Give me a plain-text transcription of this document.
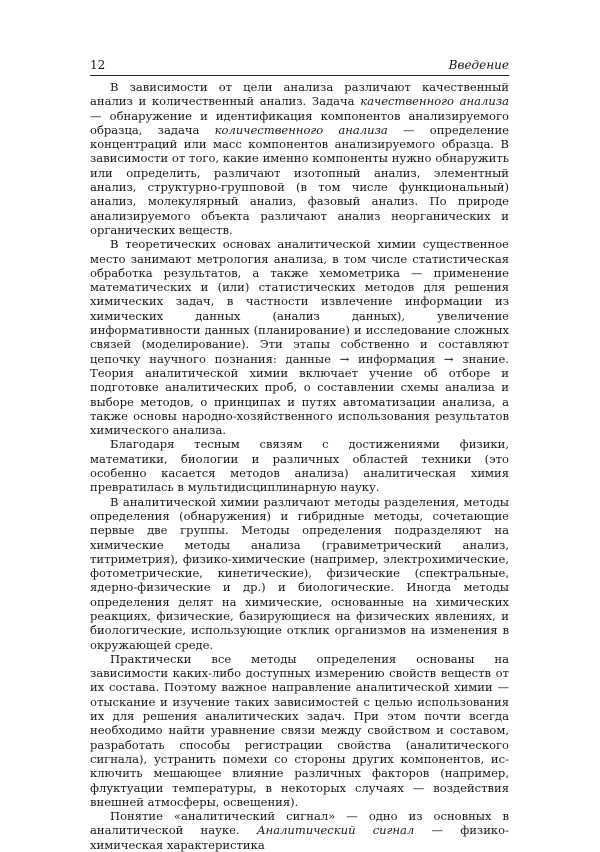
12	Введение

В зависимости от цели анализа различают качественный анализ и количественный анализ. Задача качественного анализа — обнаружение и идентификация компонентов анализируемого образца, задача количественного анализа — определение концентраций или масс компонентов анализируемого образца. В зависимости от того, какие именно компоненты нужно обнаружить или определить, различают изотопный анализ, элементный анализ, структурно-групповой (в том числе функциональный) анализ, молекулярный анализ, фазовый анализ. По природе анализируемого объекта различают анализ неорганических и органических веществ.

В теоретических основах аналитической химии существенное место занимают метрология анализа, в том числе статистическая обработка результатов, а также хемометрика — применение математических и (или) статистических методов для решения химических задач, в частности извлечение информации из химических данных (анализ данных), увеличение информативности данных (планирование) и исследование сложных связей (моделирование). Эти этапы собственно и составляют цепочку научного познания: данные → информация → знание. Теория аналитической химии включает учение об отборе и подготовке аналитических проб, о составлении схемы анализа и выборе методов, о принципах и путях автоматизации анализа, а также основы народно-хозяйственного использования результатов химического анализа.

Благодаря тесным связям с достижениями физики, математики, биологии и различных областей техники (это особенно касается методов анализа) аналитическая химия превратилась в мультидисциплинарную науку.

В аналитической химии различают методы разделения, методы определения (обнаружения) и гибридные методы, сочетающие первые две группы. Методы определения подразделяют на химические методы анализа (гравиметрический анализ, титриметрия), физико-химические (например, электрохимические, фотометрические, кинетические), физические (спектральные, ядерно-физические и др.) и биологические. Иногда методы определения делят на химические, основанные на химических реакциях, физические, базирующиеся на физических явлениях, и биологические, использующие отклик организмов на изменения в окружающей среде.

Практически все методы определения основаны на зависимости каких-либо доступных измерению свойств веществ от их состава. Поэтому важное направление аналитической химии — отыскание и изучение таких зависимостей с целью использования их для решения аналитических задач. При этом почти всегда необходимо найти уравнение связи между свойством и составом, разработать способы регистрации свойства (аналитического сигнала), устранить помехи со стороны других компонентов, исключить мешающее влияние различных факторов (например, флуктуации температуры, в некоторых случаях — воздействия внешней атмосферы, освещения).

Понятие «аналитический сигнал» — одно из основных в аналитической науке. Аналитический сигнал — физико-химическая характеристика
